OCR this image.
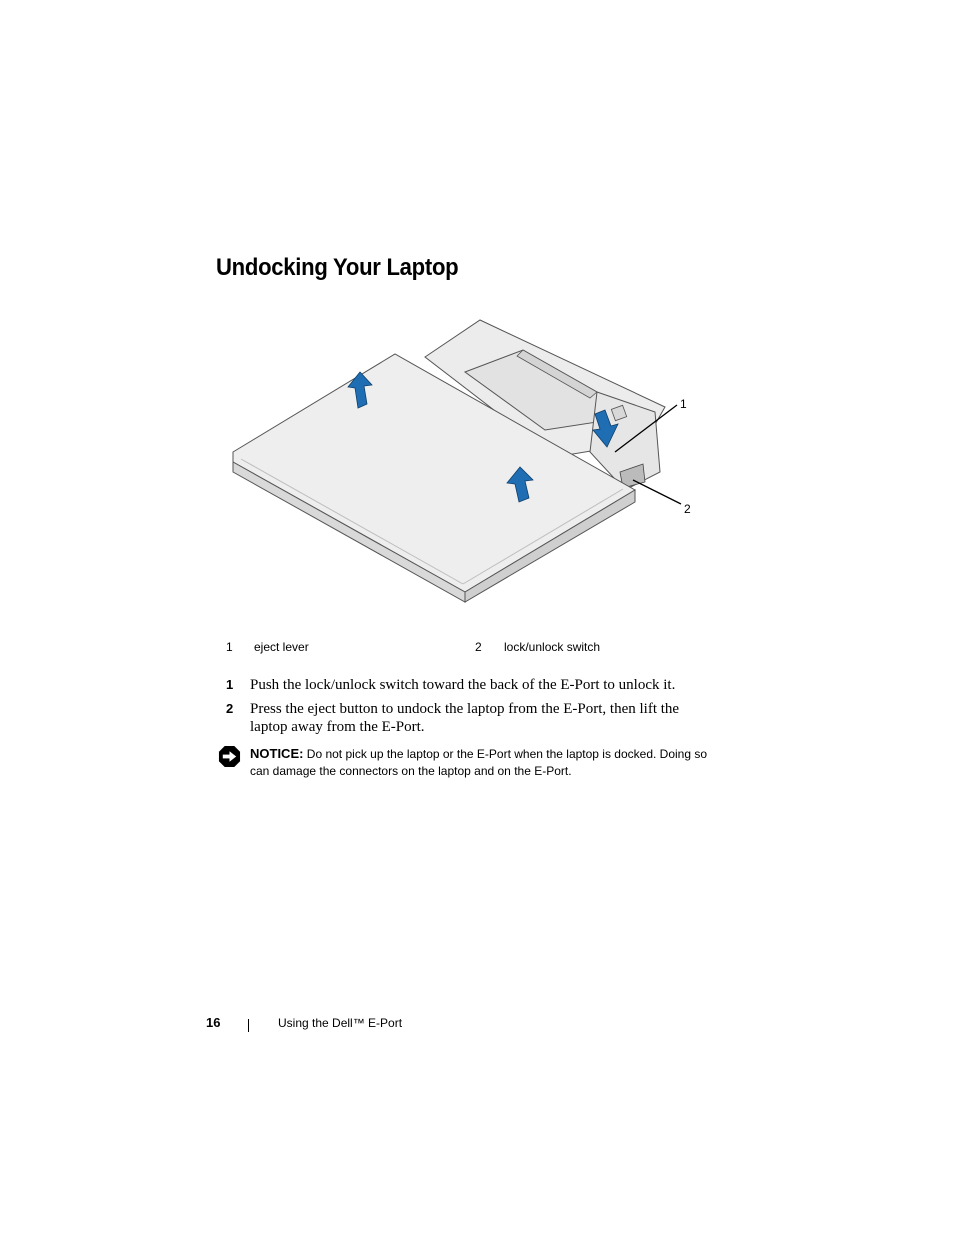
Undocking Your Laptop
1
2
1 eject lever	2 lock/unlock switch

1 Push the lock/unlock switch toward the back of the E-Port to unlock it.

2 Press the eject button to undock the laptop from the E-Port, then lift the laptop away from the E-Port.

NOTICE: Do not pick up the laptop or the E-Port when the laptop is docked. Doing so can damage the connectors on the laptop and on the E-Port.
16	Using the Dell™ E-Port
